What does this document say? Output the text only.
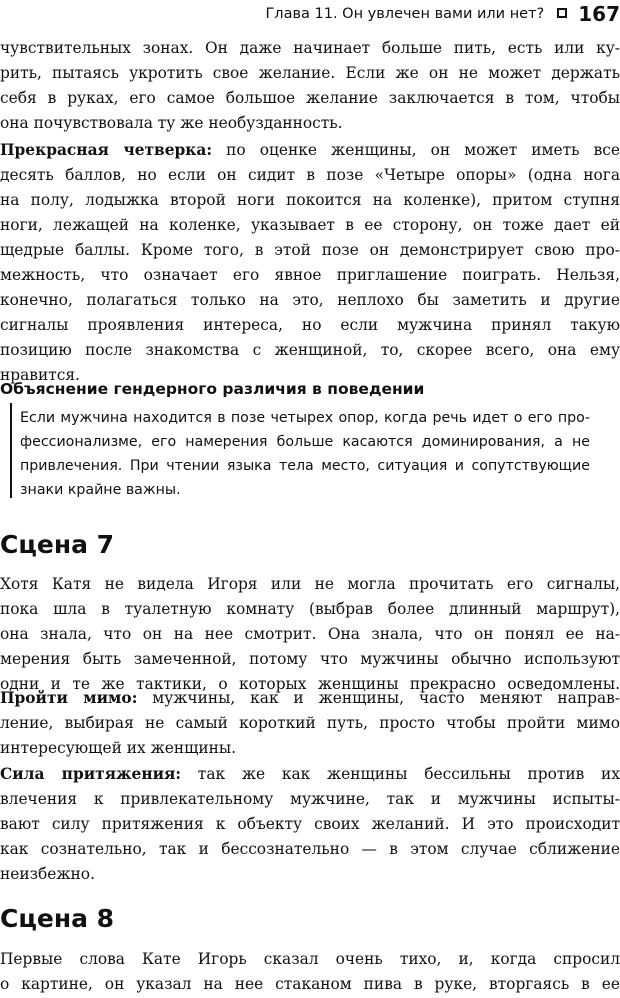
Глава 11. Он увлечен вами или нет? 167
чувствительных зонах. Он даже начинает больше пить, есть или ку-
рить, пытаясь укротить свое желание. Если же он не может держать
себя в руках, его самое большое желание заключается в том, чтобы
она почувствовала ту же необузданность.
Прекрасная четверка: по оценке женщины, он может иметь все
десять баллов, но если он сидит в позе «Четыре опоры» (одна нога
на полу, лодыжка второй ноги покоится на коленке), притом ступня
ноги, лежащей на коленке, указывает в ее сторону, он тоже дает ей
щедрые баллы. Кроме того, в этой позе он демонстрирует свою про-
межность, что означает его явное приглашение поиграть. Нельзя,
конечно, полагаться только на это, неплохо бы заметить и другие
сигналы проявления интереса, но если мужчина принял такую
позицию после знакомства с женщиной, то, скорее всего, она ему
нравится.
Объяснение гендерного различия в поведении
Если мужчина находится в позе четырех опор, когда речь идет о его про-
фессионализме, его намерения больше касаются доминирования, а не
привлечения. При чтении языка тела место, ситуация и сопутствующие
знаки крайне важны.
Сцена 7
Хотя Катя не видела Игоря или не могла прочитать его сигналы,
пока шла в туалетную комнату (выбрав более длинный маршрут),
она знала, что он на нее смотрит. Она знала, что он понял ее на-
мерения быть замеченной, потому что мужчины обычно используют
одни и те же тактики, о которых женщины прекрасно осведомлены.
Пройти мимо: мужчины, как и женщины, часто меняют направ-
ление, выбирая не самый короткий путь, просто чтобы пройти мимо
интересующей их женщины.
Сила притяжения: так же как женщины бессильны против их
влечения к привлекательному мужчине, так и мужчины испыты-
вают силу притяжения к объекту своих желаний. И это происходит
как сознательно, так и бессознательно — в этом случае сближение
неизбежно.
Сцена 8
Первые слова Кате Игорь сказал очень тихо, и, когда спросил
о картине, он указал на нее стаканом пива в руке, вторгаясь в ее
